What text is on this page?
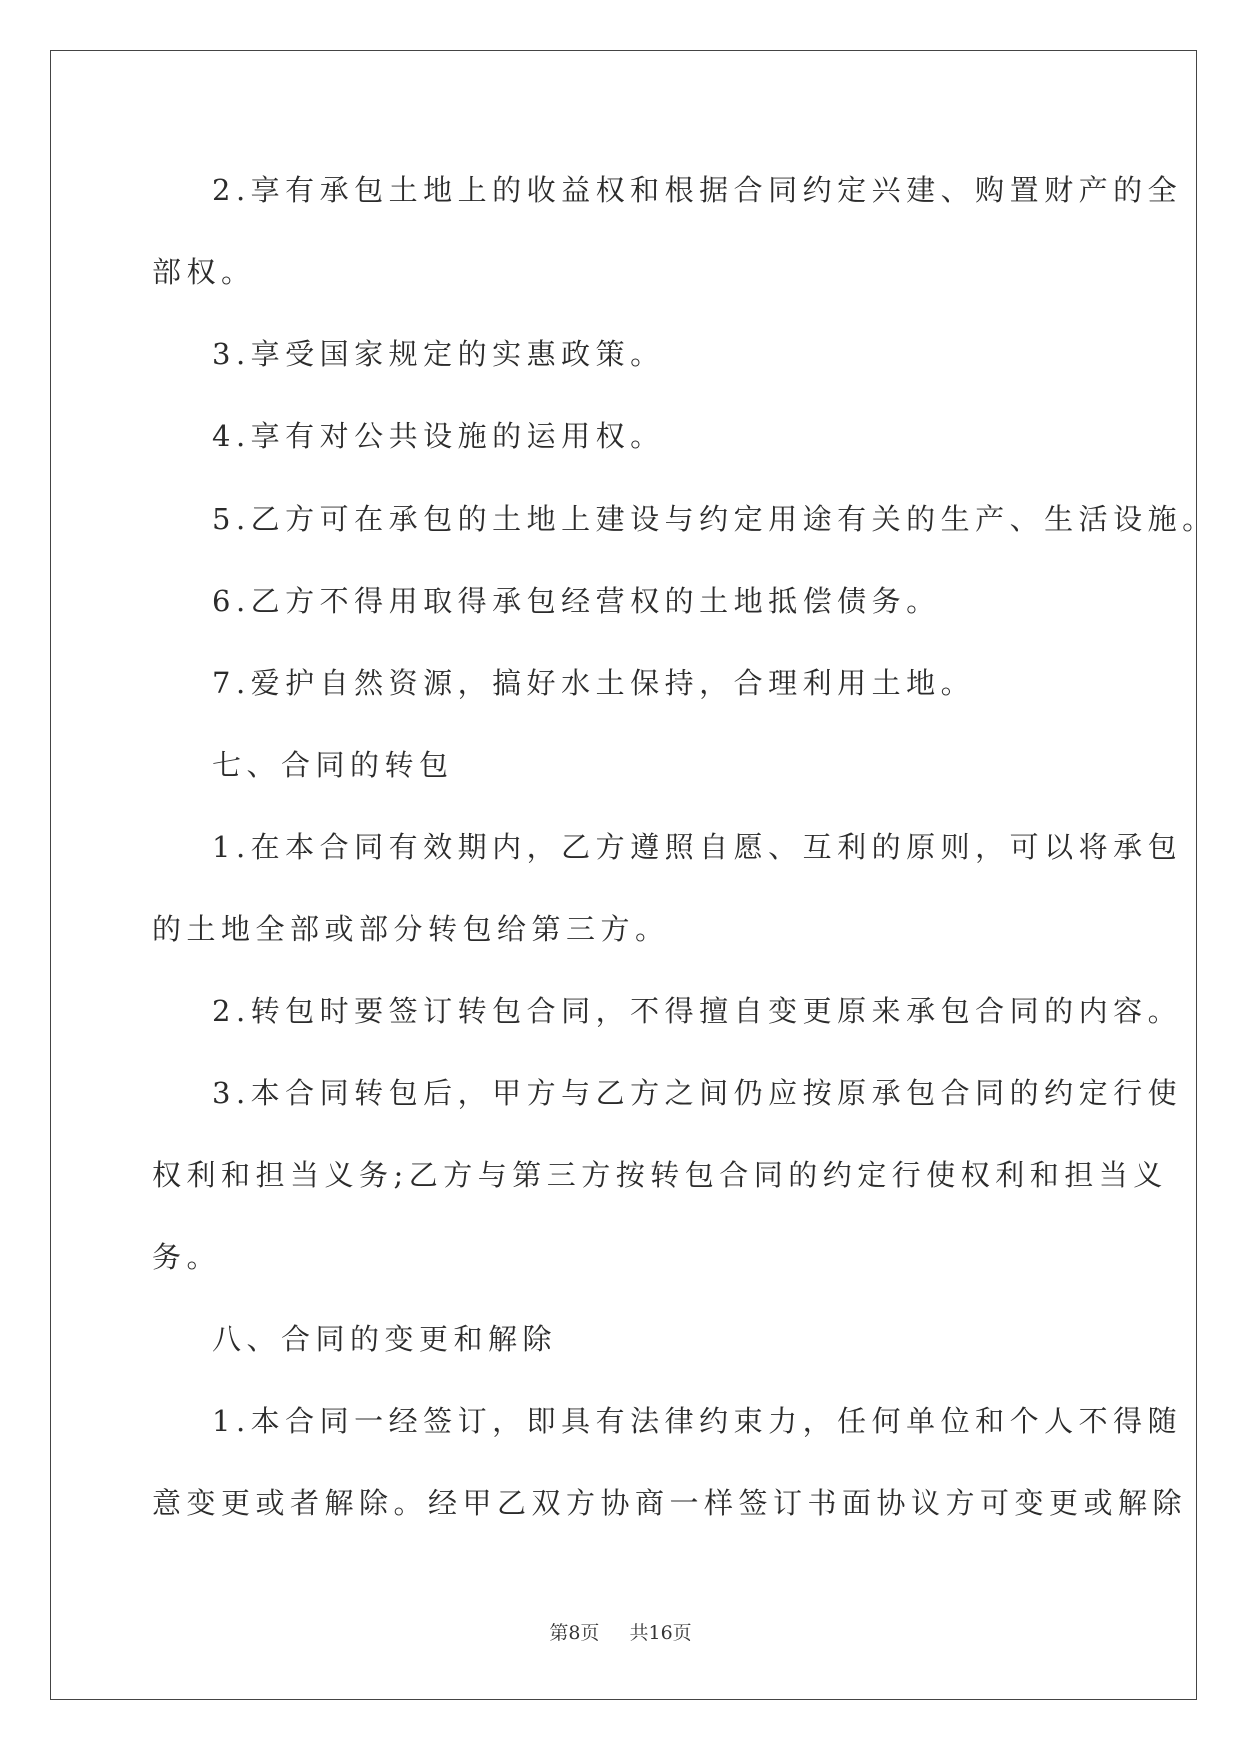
2.享有承包土地上的收益权和根据合同约定兴建、购置财产的全
部权。
3.享受国家规定的实惠政策。
4.享有对公共设施的运用权。
5.乙方可在承包的土地上建设与约定用途有关的生产、生活设施。
6.乙方不得用取得承包经营权的土地抵偿债务。
7.爱护自然资源，搞好水土保持，合理利用土地。
七、合同的转包
1.在本合同有效期内，乙方遵照自愿、互利的原则，可以将承包
的土地全部或部分转包给第三方。
2.转包时要签订转包合同，不得擅自变更原来承包合同的内容。
3.本合同转包后，甲方与乙方之间仍应按原承包合同的约定行使
权利和担当义务;乙方与第三方按转包合同的约定行使权利和担当义
务。
八、合同的变更和解除
1.本合同一经签订，即具有法律约束力，任何单位和个人不得随
意变更或者解除。经甲乙双方协商一样签订书面协议方可变更或解除
第8页 共16页
